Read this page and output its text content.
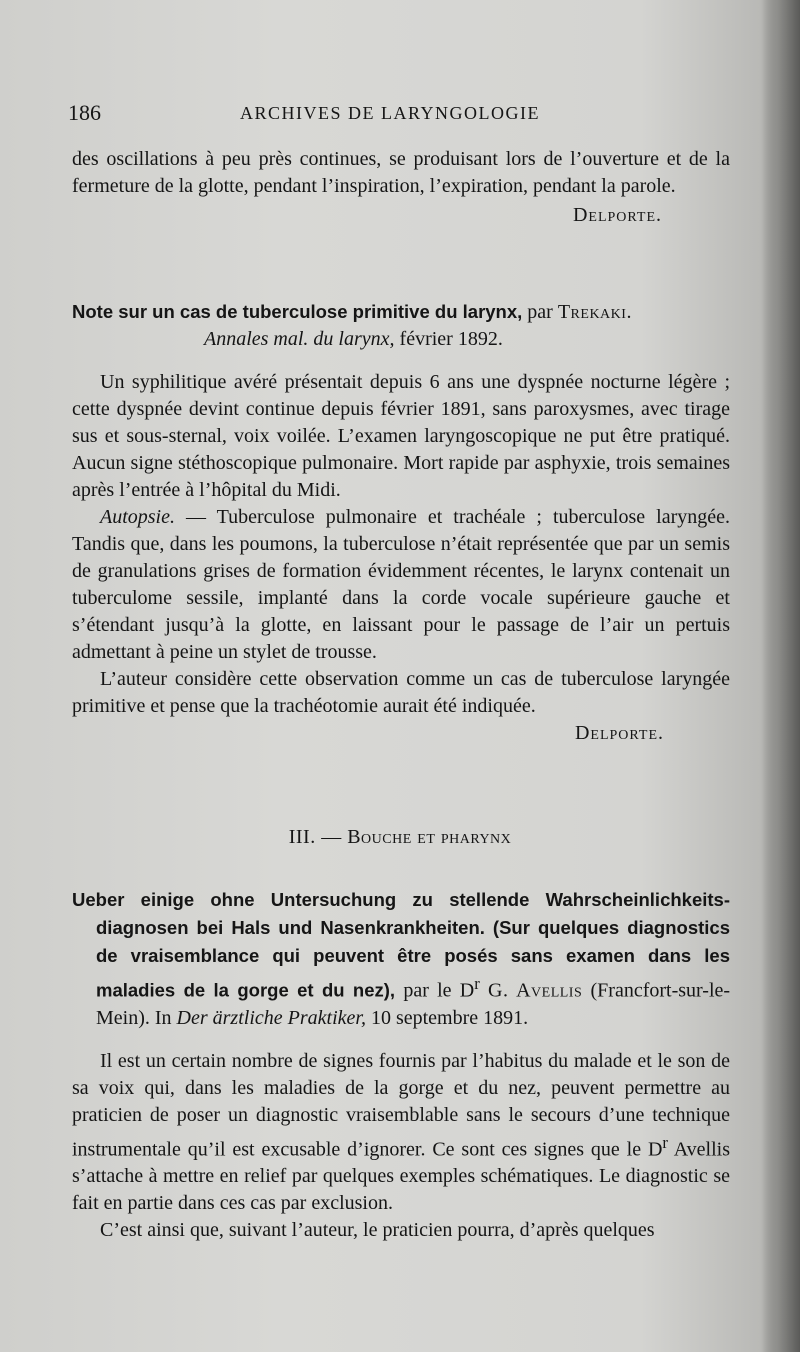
186	ARCHIVES DE LARYNGOLOGIE
des oscillations à peu près continues, se produisant lors de l’ouverture et de la fermeture de la glotte, pendant l’inspiration, l’expiration, pendant la parole.
Delporte.
Note sur un cas de tuberculose primitive du larynx, par Trekaki.
Annales mal. du larynx, février 1892.
Un syphilitique avéré présentait depuis 6 ans une dyspnée nocturne légère ; cette dyspnée devint continue depuis février 1891, sans paroxysmes, avec tirage sus et sous-sternal, voix voilée. L’examen laryngoscopique ne put être pratiqué. Aucun signe stéthoscopique pulmonaire. Mort rapide par asphyxie, trois semaines après l’entrée à l’hôpital du Midi.
Autopsie. — Tuberculose pulmonaire et trachéale ; tuberculose laryngée. Tandis que, dans les poumons, la tuberculose n’était représentée que par un semis de granulations grises de formation évidemment récentes, le larynx contenait un tuberculome sessile, implanté dans la corde vocale supérieure gauche et s’étendant jusqu’à la glotte, en laissant pour le passage de l’air un pertuis admettant à peine un stylet de trousse.
L’auteur considère cette observation comme un cas de tuberculose laryngée primitive et pense que la trachéotomie aurait été indiquée.
Delporte.
III. — Bouche et pharynx
Ueber einige ohne Untersuchung zu stellende Wahrscheinlichkeits-diagnosen bei Hals und Nasenkrankheiten. (Sur quelques diagnostics de vraisemblance qui peuvent être posés sans examen dans les maladies de la gorge et du nez), par le $D^r$ G. Avellis (Francfort-sur-le-Mein). In Der ärztliche Praktiker, 10 septembre 1891.
Il est un certain nombre de signes fournis par l’habitus du malade et le son de sa voix qui, dans les maladies de la gorge et du nez, peuvent permettre au praticien de poser un diagnostic vraisemblable sans le secours d’une technique instrumentale qu’il est excusable d’ignorer. Ce sont ces signes que le $D^r$ Avellis s’attache à mettre en relief par quelques exemples schématiques. Le diagnostic se fait en partie dans ces cas par exclusion.
C’est ainsi que, suivant l’auteur, le praticien pourra, d’après quelques
